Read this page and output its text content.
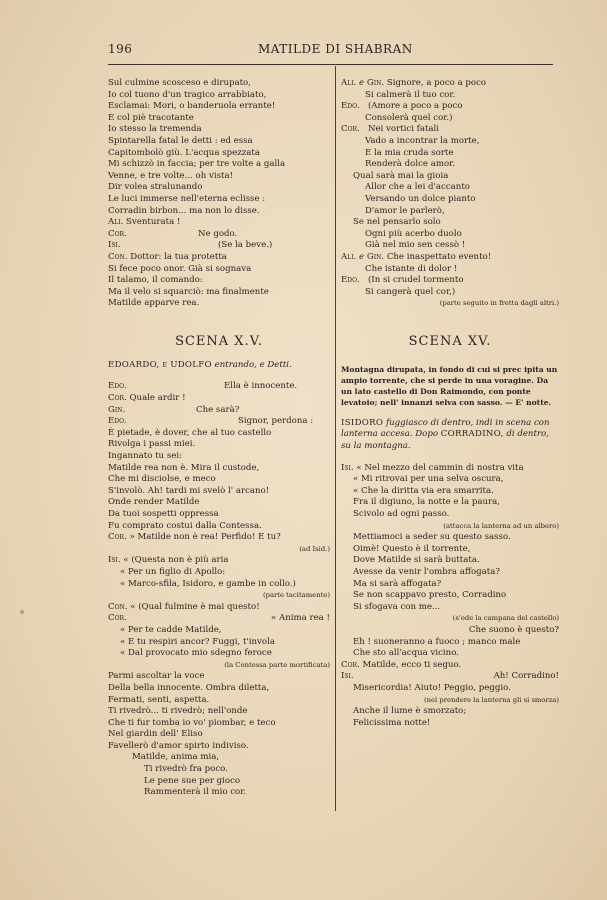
196	MATILDE DI SHABRAN
Sul culmine scosceso e dirupato,
Io col tuono d'un tragico arrabbiato,
Esclamai: Mori, o banderuola errante!
E col piè tracotante
Io stesso la tremenda
Spintarella fatal le detti : ed essa
Capitombolò giù. L'acqua spezzata
Mi schizzò in faccia; per tre volte a galla
Venne, e tre volte... oh vista!
Dir volea stralunando
Le luci immerse nell'eterna eclisse :
Corradin birbon... ma non lo disse.
Ali. Sventurata !
Cor.	Ne godo.
Isi.	(Se la beve.)
Con. Dottor: la tua protetta
Si fece poco onor. Già si sognava
Il talamo, il comando:
Ma il velo si squarciò: ma finalmente
Matilde apparve rea.
SCENA X.V.
EDOARDO, e UDOLFO entrando, e Detti.
Edo.	Ella è innocente.
Cor. Quale ardir !
Gin.	Che sarà?
Edo.	Signor, perdona :
È pietade, è dover, che al tuo castello
Rivolga i passi miei.
Ingannato tu sei:
Matilde rea non è. Mira il custode,
Che mi disciolse, e meco
S'involò. Ah! tardi mi svelò l' arcano!
Onde render Matilde
Da tuoi sospetti oppressa
Fu comprato costui dalla Contessa.
Cor. » Matilde non è rea! Perfido! E tu?
(ad Isid.)
Isi. « (Questa non è più aria
« Per un figlio di Apollo:
« Marco-sfila, Isidoro, e gambe in collo.)
(parte tacitamente)
Con. « (Qual fulmine è mai questo!
Cor.	« Anima rea !
« Per te cadde Matilde,
« E tu respiri ancor? Fuggi, t'invola
« Dal provocato mio sdegno feroce
(la Contessa parte mortificata)
Parmi ascoltar la voce
Della bella innocente. Ombra diletta,
Fermati, senti, aspetta.
Ti rivedrò... ti rivedrò; nell'onde
Che ti fur tomba io vo' piombar, e teco
Nel giardin dell' Eliso
Favellerò d'amor spirto indiviso.
Matilde, anima mia,
Ti rivedrò fra poco.
Le pene sue per gioco
Rammenterà il mio cor.
Ali. e Gin. Signore, a poco a poco
Si calmerà il tuo cor.
Edo. (Amore a poco a poco
Consolerà quel cor.)
Cor. Nei vortici fatali
Vado a incontrar la morte,
E la mia cruda sorte
Renderà dolce amor.
Qual sarà mai la gioia
Allor che a lei d'accanto
Versando un dolce pianto
D'amor le parlerò,
Se nel pensarlo solo
Ogni più acerbo duolo
Già nel mio sen cessò !
Ali. e Gin. Che inaspettato evento!
Che istante di dolor !
Edo. (In si crudel tormento
Si cangerà quel cor,)
(parte seguito in fretta dagli altri.)
SCENA XV.
Montagna dirupata, in fondo di cui si prec ipita un ampio torrente, che si perde in una voragine. Da un lato castello di Don Raimondo, con ponte levatoio; nell' innanzi selva con sasso. — E' notte.
ISIDORO fuggiasco di dentro, indi in scena con lanterna accesa. Dopo CORRADINO, di dentro, su la montagna.
Isi. « Nel mezzo del cammin di nostra vita
« Mi ritrovai per una selva oscura,
« Che la diritta via era smarrita.
Fra il digiuno, la notte e la paura,
Scivolo ad ogni passo.
(attacca la lanterna ad un albero)
Mettiamoci a seder su questo sasso.
Oimè! Questo è il torrente,
Dove Matilde si sarà buttata.
Avesse da venir l'ombra affogata?
Ma si sarà affogata?
Se non scappavo presto, Corradino
Si sfogava con me...
(s'ode la campana del castello)
Che suono è questo?
Eh ! suoneranno a fuoco ; manco male
Che sto all'acqua vicino.
Cor. Matilde, ecco ti seguo.
Isi.	Ah! Corradino!
Misericordia! Aiuto! Peggio, peggio.
(nel prendere la lanterna gli si smorza)
Anche il lume è smorzato;
Felicissima notte!
